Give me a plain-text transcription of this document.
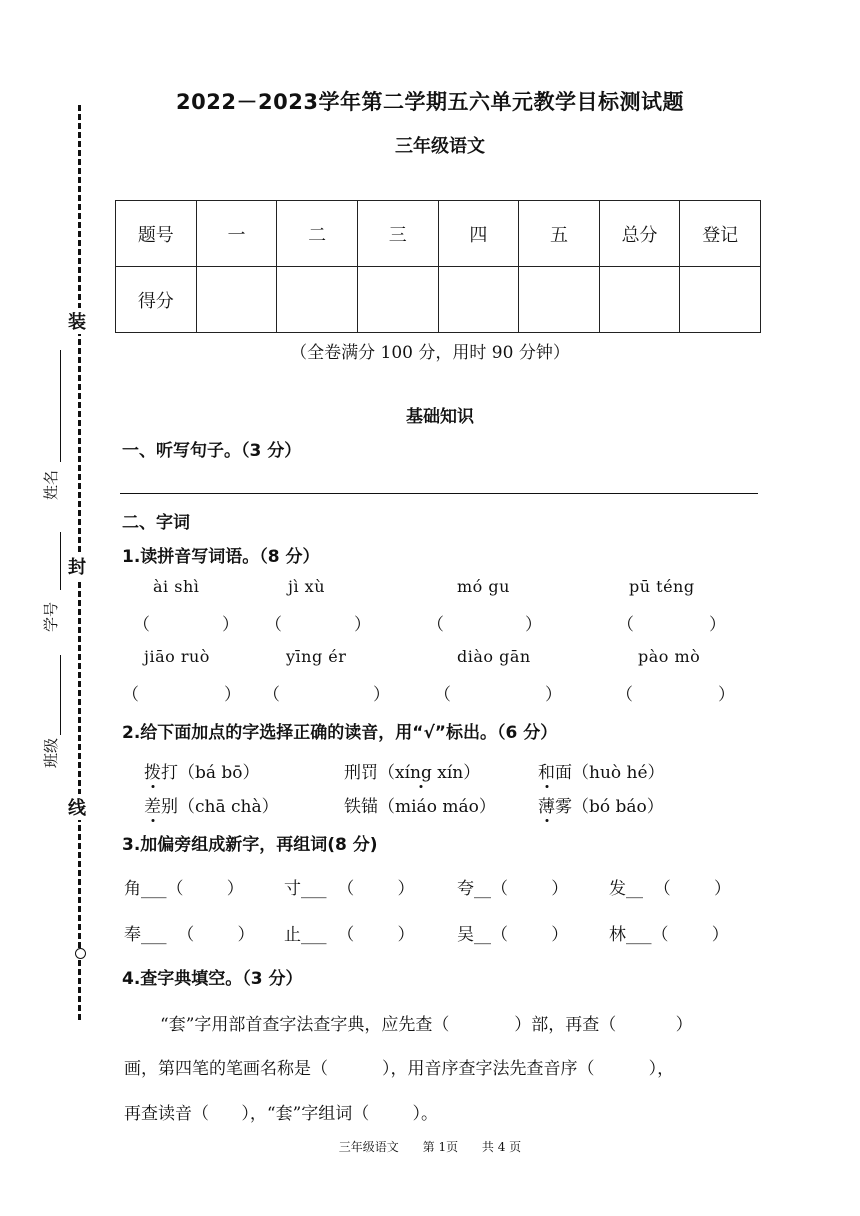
装
封
线
姓名
学号
班级
2022－2023学年第二学期五六单元教学目标测试题
三年级语文
题号	一	二	三	四	五	总分	登记
得分							
（全卷满分 100 分，用时 90 分钟）
基础知识
一、听写句子。（3 分）
二、字词
1.读拼音写词语。（8 分）
ài shì	jì xù	mó gu	pū téng
（	） （	）	（	）	（	）
jiāo ruò	yīng ér	diào gān	pào mò
（	） （	）	（	）	（	）
2.给下面加点的字选择正确的读音，用“√”标出。（6 分）
拨打（bá bō）	刑罚（xíng xín）	和面（huò hé）
差别（chā chà）	铁锚（miáo máo） 薄雾（bó báo）
3.加偏旁组成新字，再组词(8 分)
角___（        ） 寸___  （        ） 夸__（        ） 发__  （        ）
奉___  （        ） 止___  （        ） 吴__（        ） 林___（        ）
4.查字典填空。（3 分）
“套”字用部首查字法查字典，应先查（            ）部，再查（           ）
画，第四笔的笔画名称是（          ），用音序查字法先查音序（          ），
再查读音（      ），“套”字组词（        ）。
三年级语文 第 1页 共 4 页
